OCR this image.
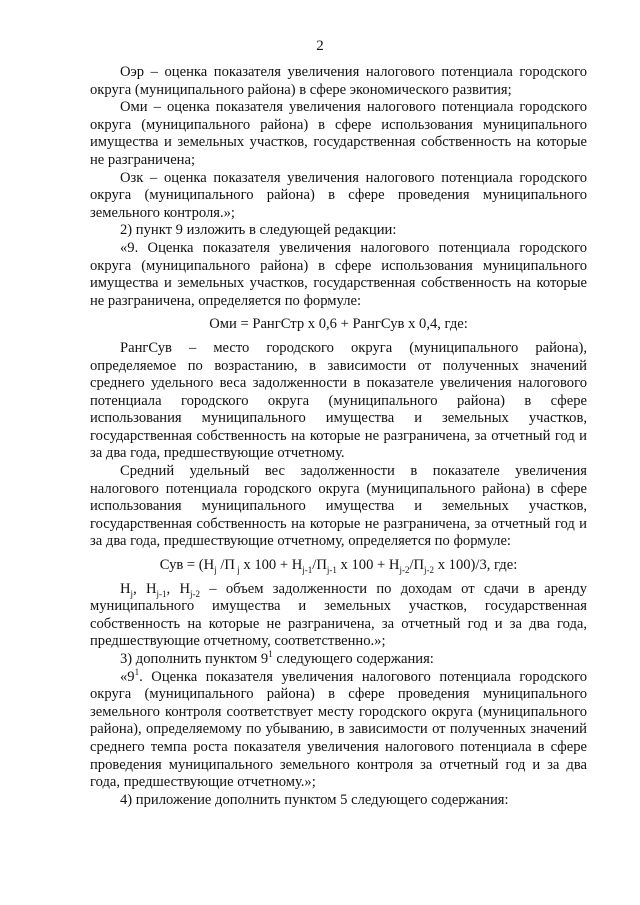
2

Оэр – оценка показателя увеличения налогового потенциала городского округа (муниципального района) в сфере экономического развития;

Оми – оценка показателя увеличения налогового потенциала городского округа (муниципального района) в сфере использования муниципального имущества и земельных участков, государственная собственность на которые не разграничена;

Озк – оценка показателя увеличения налогового потенциала городского округа (муниципального района) в сфере проведения муниципального земельного контроля.»;

2) пункт 9 изложить в следующей редакции:

«9. Оценка показателя увеличения налогового потенциала городского округа (муниципального района) в сфере использования муниципального имущества и земельных участков, государственная собственность на которые не разграничена, определяется по формуле:

Оми = РангСтр х 0,6 + РангСув х 0,4, где:

РангСув – место городского округа (муниципального района), определяемое по возрастанию, в зависимости от полученных значений среднего удельного веса задолженности в показателе увеличения налогового потенциала городского округа (муниципального района) в сфере использования муниципального имущества и земельных участков, государственная собственность на которые не разграничена, за отчетный год и за два года, предшествующие отчетному.

Средний удельный вес задолженности в показателе увеличения налогового потенциала городского округа (муниципального района) в сфере использования муниципального имущества и земельных участков, государственная собственность на которые не разграничена, за отчетный год и за два года, предшествующие отчетному, определяется по формуле:

Сув = ($Н_j$ /П $_j$ х $100 + Н_{j-1}/П_{j-1}$ х $100 + Н_{j-2}/П_{j-2}$ х 100)/3, где:

$Н_j$, $Н_{j-1}$, $Н_{j-2}$ – объем задолженности по доходам от сдачи в аренду муниципального имущества и земельных участков, государственная собственность на которые не разграничена, за отчетный год и за два года, предшествующие отчетному, соответственно.»;

3) дополнить пунктом $9^1$ следующего содержания:

«$9^1$. Оценка показателя увеличения налогового потенциала городского округа (муниципального района) в сфере проведения муниципального земельного контроля соответствует месту городского округа (муниципального района), определяемому по убыванию, в зависимости от полученных значений среднего темпа роста показателя увеличения налогового потенциала в сфере проведения муниципального земельного контроля за отчетный год и за два года, предшествующие отчетному.»;

4) приложение дополнить пунктом 5 следующего содержания:
